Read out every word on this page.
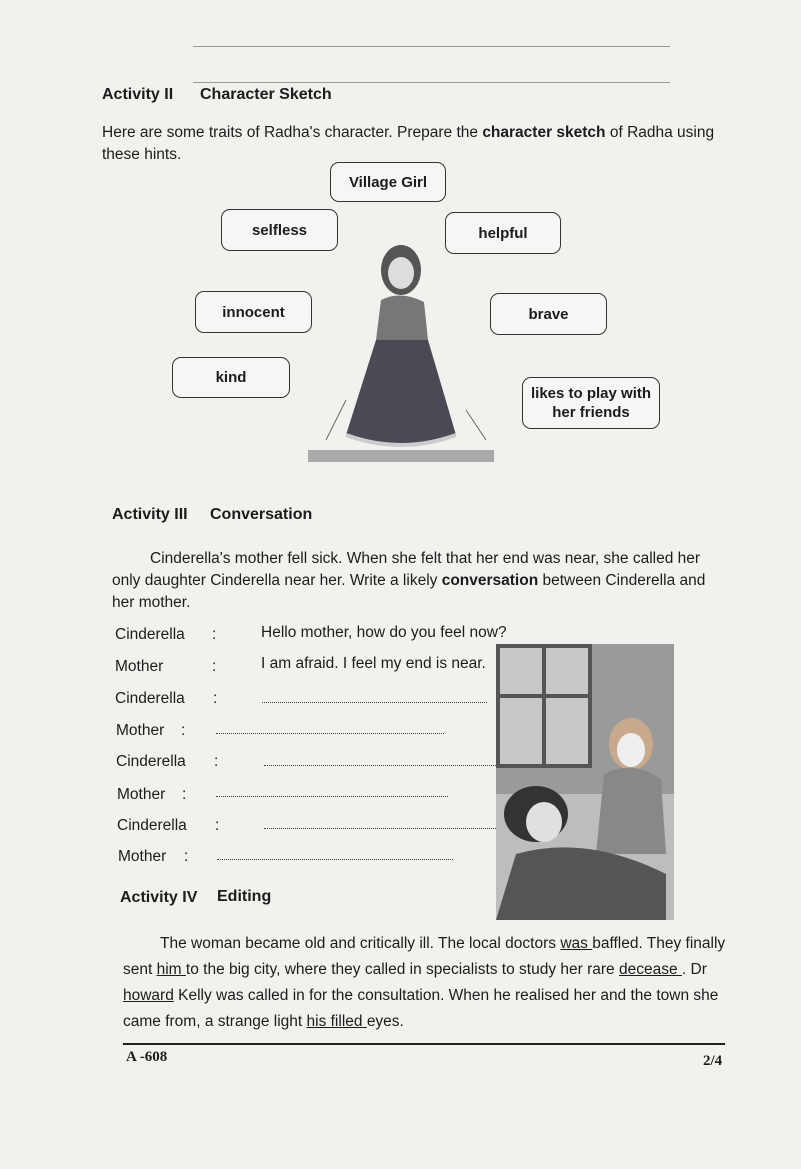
Activity II Character Sketch
Here are some traits of Radha's character. Prepare the character sketch of Radha using these hints.
Village Girl
selfless	helpful
innocent	brave
kind
likes to play with her friends
Activity III Conversation
Cinderella's mother fell sick. When she felt that her end was near, she called her only daughter Cinderella near her. Write a likely conversation between Cinderella and her mother.
Cinderella :	Hello mother, how do you feel now?
Mother	:	I am afraid. I feel my end is near.
Cinderella :
Mother :
Cinderella :
Mother :
Cinderella :
Mother :
Activity IV Editing
The woman became old and critically ill. The local doctors was baffled. They finally sent him to the big city, where they called in specialists to study her rare decease . Dr howard Kelly was called in for the consultation. When he realised her and the town she came from, a strange light his filled eyes.
A -608	2/4
